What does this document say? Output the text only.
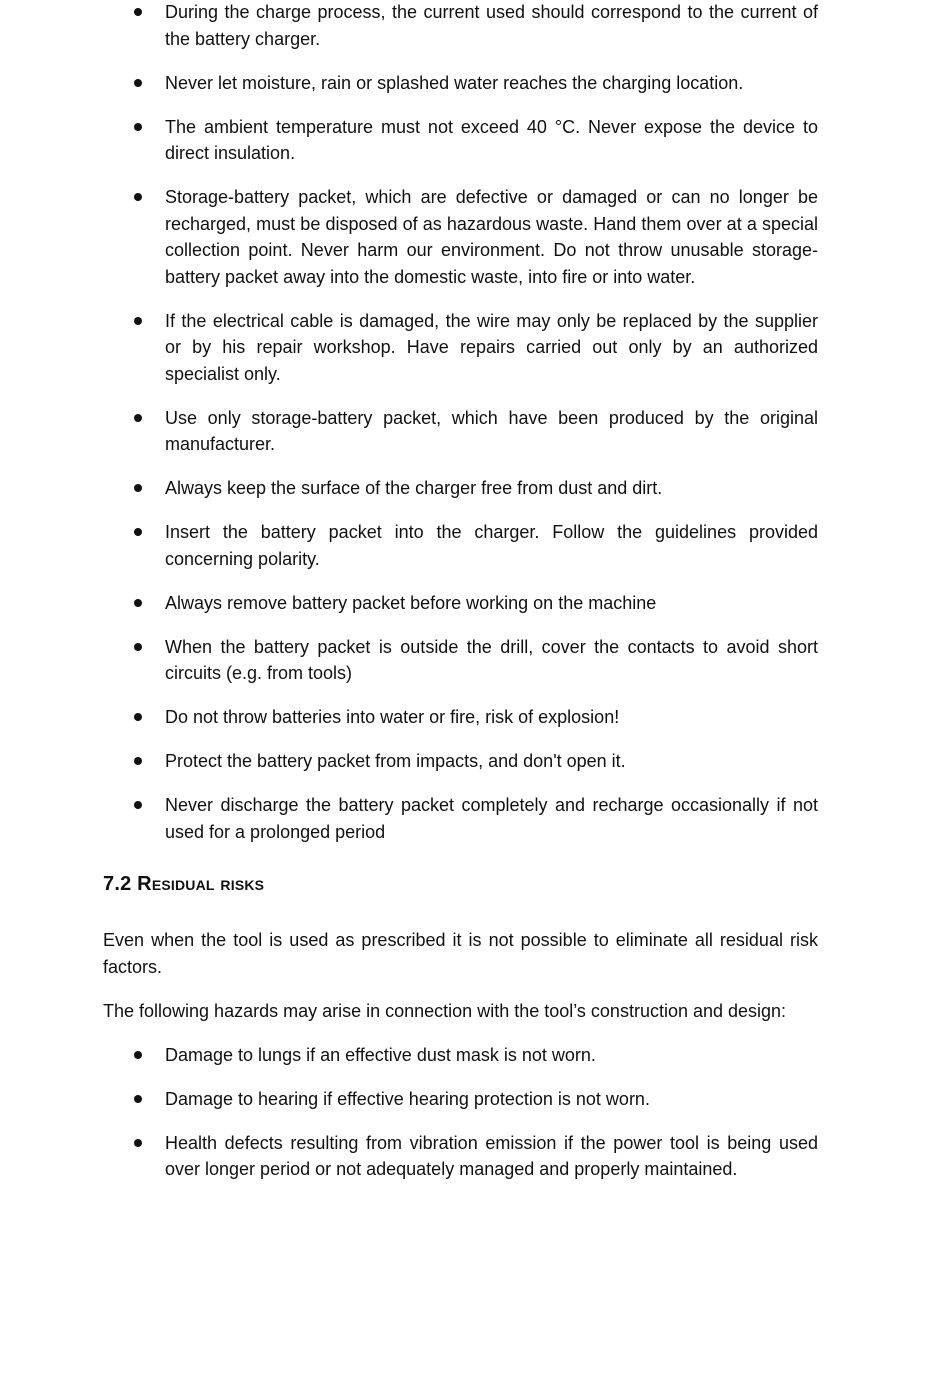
During the charge process, the current used should correspond to the current of the battery charger.
Never let moisture, rain or splashed water reaches the charging location.
The ambient temperature must not exceed 40 °C. Never expose the device to direct insulation.
Storage-battery packet, which are defective or damaged or can no longer be recharged, must be disposed of as hazardous waste. Hand them over at a special collection point. Never harm our environment. Do not throw unusable storage-battery packet away into the domestic waste, into fire or into water.
If the electrical cable is damaged, the wire may only be replaced by the supplier or by his repair workshop. Have repairs carried out only by an authorized specialist only.
Use only storage-battery packet, which have been produced by the original manufacturer.
Always keep the surface of the charger free from dust and dirt.
Insert the battery packet into the charger. Follow the guidelines provided concerning polarity.
Always remove battery packet before working on the machine
When the battery packet is outside the drill, cover the contacts to avoid short circuits (e.g. from tools)
Do not throw batteries into water or fire, risk of explosion!
Protect the battery packet from impacts, and don't open it.
Never discharge the battery packet completely and recharge occasionally if not used for a prolonged period
7.2 Residual risks

Even when the tool is used as prescribed it is not possible to eliminate all residual risk factors.

The following hazards may arise in connection with the tool’s construction and design:

Damage to lungs if an effective dust mask is not worn.
Damage to hearing if effective hearing protection is not worn.
Health defects resulting from vibration emission if the power tool is being used over longer period or not adequately managed and properly maintained.
